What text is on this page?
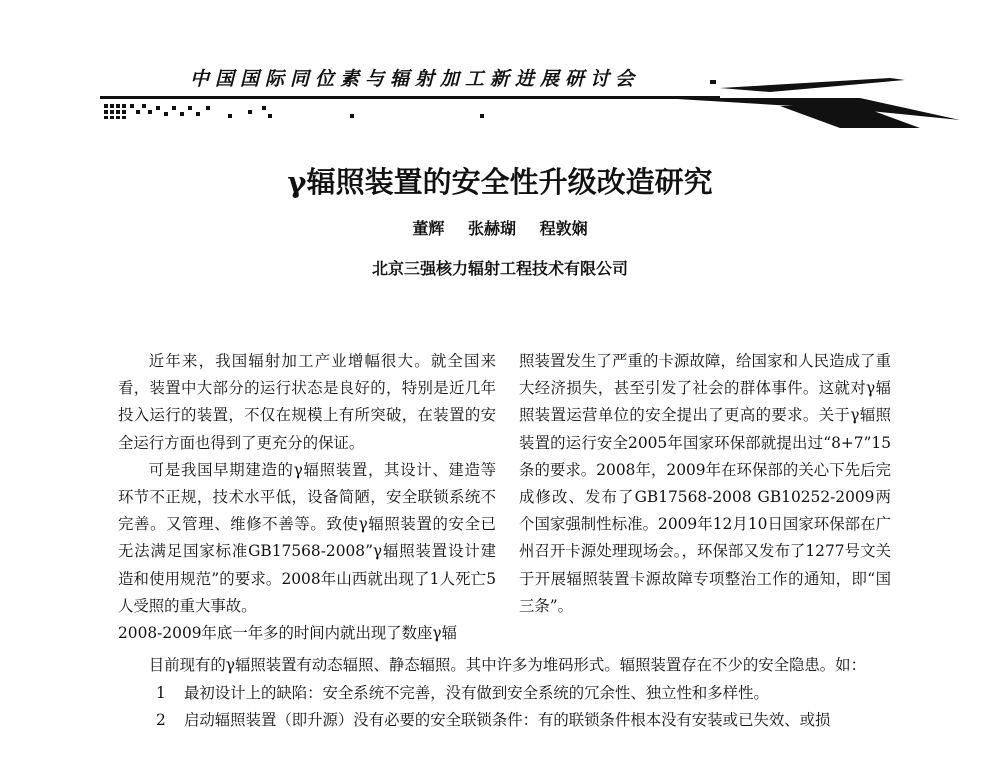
中国国际同位素与辐射加工新进展研讨会
γ辐照装置的安全性升级改造研究
董辉 张赫瑚 程敦娴
北京三强核力辐射工程技术有限公司

近年来，我国辐射加工产业增幅很大。就全国来看，装置中大部分的运行状态是良好的，特别是近几年投入运行的装置，不仅在规模上有所突破，在装置的安全运行方面也得到了更充分的保证。

可是我国早期建造的γ辐照装置，其设计、建造等环节不正规，技术水平低，设备简陋，安全联锁系统不完善。又管理、维修不善等。致使γ辐照装置的安全已无法满足国家标准GB17568-2008”γ辐照装置设计建造和使用规范”的要求。2008年山西就出现了1人死亡5人受照的重大事故。

2008-2009年底一年多的时间内就出现了数座γ辐

照装置发生了严重的卡源故障，给国家和人民造成了重大经济损失，甚至引发了社会的群体事件。这就对γ辐照装置运营单位的安全提出了更高的要求。关于γ辐照装置的运行安全2005年国家环保部就提出过“8+7”15条的要求。2008年，2009年在环保部的关心下先后完成修改、发布了GB17568-2008 GB10252-2009两个国家强制性标准。2009年12月10日国家环保部在广州召开卡源处理现场会。，环保部又发布了1277号文关于开展辐照装置卡源故障专项整治工作的通知，即“国三条”。

目前现有的γ辐照装置有动态辐照、静态辐照。其中许多为堆码形式。辐照装置存在不少的安全隐患。如：

1 最初设计上的缺陷：安全系统不完善，没有做到安全系统的冗余性、独立性和多样性。

2 启动辐照装置（即升源）没有必要的安全联锁条件：有的联锁条件根本没有安装或已失效、或损
